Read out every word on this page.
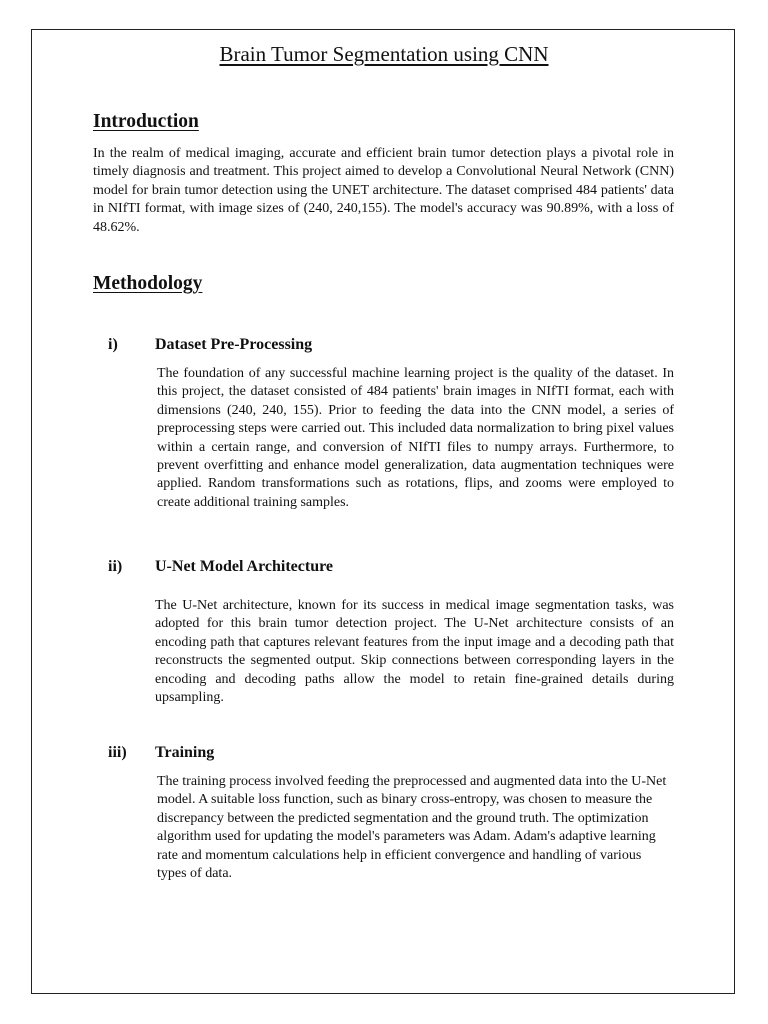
Brain Tumor Segmentation using CNN
Introduction

In the realm of medical imaging, accurate and efficient brain tumor detection plays a pivotal role in timely diagnosis and treatment. This project aimed to develop a Convolutional Neural Network (CNN) model for brain tumor detection using the UNET architecture. The dataset comprised 484 patients' data in NIfTI format, with image sizes of (240, 240,155). The model's accuracy was 90.89%, with a loss of 48.62%.

Methodology
i) Dataset Pre-Processing

The foundation of any successful machine learning project is the quality of the dataset. In this project, the dataset consisted of 484 patients' brain images in NIfTI format, each with dimensions (240, 240, 155). Prior to feeding the data into the CNN model, a series of preprocessing steps were carried out. This included data normalization to bring pixel values within a certain range, and conversion of NIfTI files to numpy arrays. Furthermore, to prevent overfitting and enhance model generalization, data augmentation techniques were applied. Random transformations such as rotations, flips, and zooms were employed to create additional training samples.

ii) U-Net Model Architecture

The U-Net architecture, known for its success in medical image segmentation tasks, was adopted for this brain tumor detection project. The U-Net architecture consists of an encoding path that captures relevant features from the input image and a decoding path that reconstructs the segmented output. Skip connections between corresponding layers in the encoding and decoding paths allow the model to retain fine-grained details during upsampling.

iii) Training

The training process involved feeding the preprocessed and augmented data into the U-Net model. A suitable loss function, such as binary cross-entropy, was chosen to measure the discrepancy between the predicted segmentation and the ground truth. The optimization algorithm used for updating the model's parameters was Adam. Adam's adaptive learning rate and momentum calculations help in efficient convergence and handling of various types of data.
